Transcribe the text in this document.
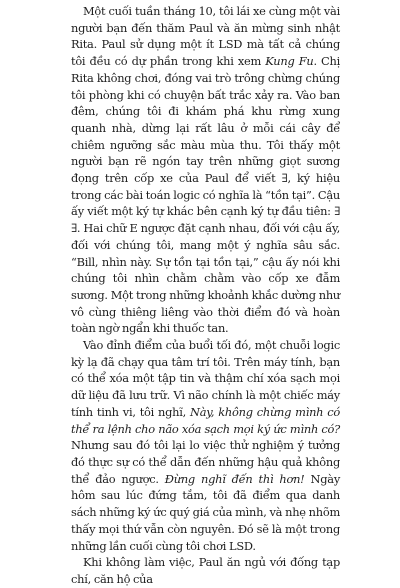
Một cuối tuần tháng 10, tôi lái xe cùng một vài người bạn đến thăm Paul và ăn mừng sinh nhật Rita. Paul sử dụng một ít LSD mà tất cả chúng tôi đều có dự phần trong khi xem Kung Fu. Chị Rita không chơi, đóng vai trò trông chừng chúng tôi phòng khi có chuyện bất trắc xảy ra. Vào ban đêm, chúng tôi đi khám phá khu rừng xung quanh nhà, dừng lại rất lâu ở mỗi cái cây để chiêm ngưỡng sắc màu mùa thu. Tôi thấy một người bạn rẽ ngón tay trên những giọt sương đọng trên cốp xe của Paul để viết ∃, ký hiệu trong các bài toán logic có nghĩa là “tồn tại”. Cậu ấy viết một ký tự khác bên cạnh ký tự đầu tiên: ∃ ∃. Hai chữ E ngược đặt cạnh nhau, đối với cậu ấy, đối với chúng tôi, mang một ý nghĩa sâu sắc. “Bill, nhìn này. Sự tồn tại tồn tại,” cậu ấy nói khi chúng tôi nhìn chằm chằm vào cốp xe đẫm sương. Một trong những khoảnh khắc dường như vô cùng thiêng liêng vào thời điểm đó và hoàn toàn ngờ ngẩn khi thuốc tan.

Vào đỉnh điểm của buổi tối đó, một chuỗi logic kỳ lạ đã chạy qua tâm trí tôi. Trên máy tính, bạn có thể xóa một tập tin và thậm chí xóa sạch mọi dữ liệu đã lưu trữ. Vì não chính là một chiếc máy tính tinh vi, tôi nghĩ, Này, không chừng mình có thể ra lệnh cho não xóa sạch mọi ký ức mình có? Nhưng sau đó tôi lại lo việc thử nghiệm ý tưởng đó thực sự có thể dẫn đến những hậu quả không thể đảo ngược. Đừng nghĩ đến thì hơn! Ngày hôm sau lúc đứng tắm, tôi đã điểm qua danh sách những ký ức quý giá của mình, và nhẹ nhõm thấy mọi thứ vẫn còn nguyên. Đó sẽ là một trong những lần cuối cùng tôi chơi LSD.

Khi không làm việc, Paul ăn ngủ với đống tạp chí, căn hộ của
